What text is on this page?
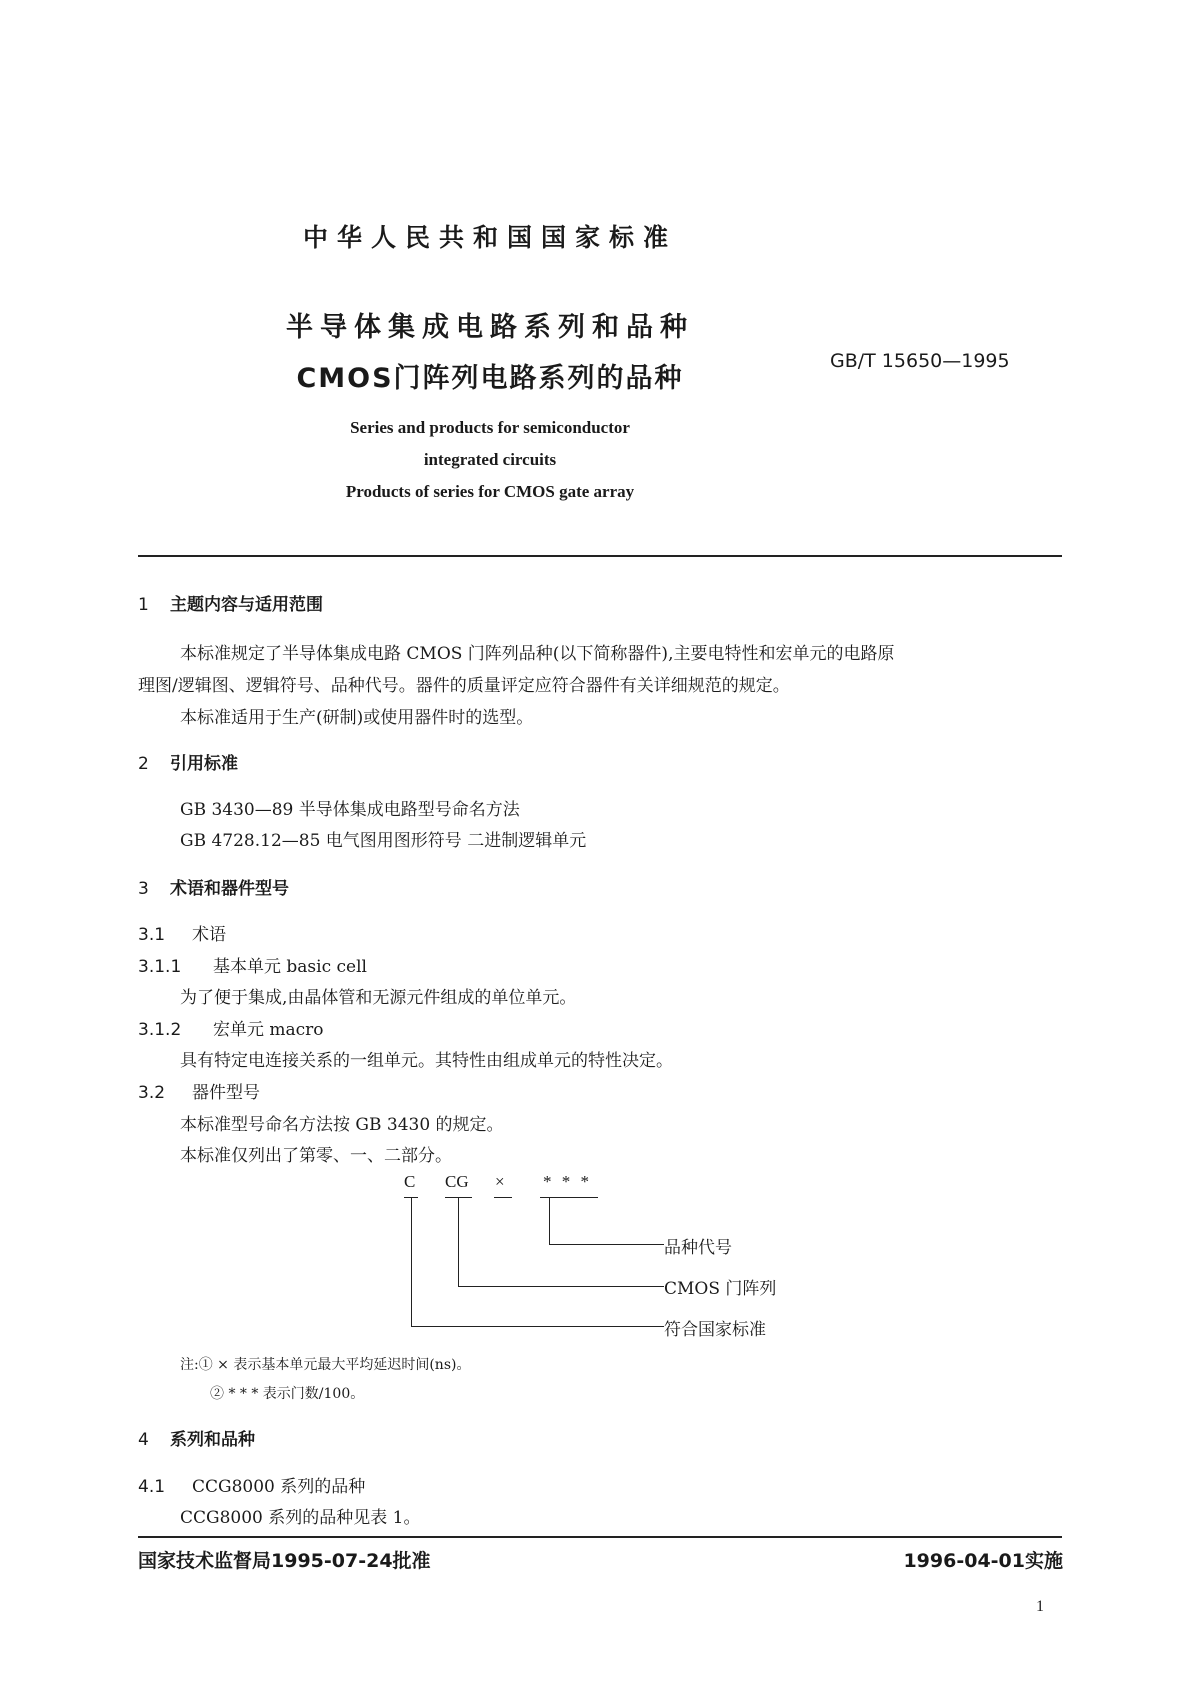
中华人民共和国国家标准
半导体集成电路系列和品种
CMOS门阵列电路系列的品种
GB/T 15650—1995
Series and products for semiconductor
integrated circuits
Products of series for CMOS gate array
1 主题内容与适用范围
本标准规定了半导体集成电路 CMOS 门阵列品种(以下简称器件),主要电特性和宏单元的电路原
理图/逻辑图、逻辑符号、品种代号。器件的质量评定应符合器件有关详细规范的规定。
本标准适用于生产(研制)或使用器件时的选型。
2 引用标准
GB 3430—89 半导体集成电路型号命名方法
GB 4728.12—85 电气图用图形符号 二进制逻辑单元
3 术语和器件型号
3.1 术语
3.1.1 基本单元 basic cell
为了便于集成,由晶体管和无源元件组成的单位单元。
3.1.2 宏单元 macro
具有特定电连接关系的一组单元。其特性由组成单元的特性决定。
3.2 器件型号
本标准型号命名方法按 GB 3430 的规定。
本标准仅列出了第零、一、二部分。
C CG × * * *
品种代号
CMOS 门阵列
符合国家标准
注:① × 表示基本单元最大平均延迟时间(ns)。
② * * * 表示门数/100。
4 系列和品种
4.1 CCG8000 系列的品种
CCG8000 系列的品种见表 1。
国家技术监督局1995-07-24批准	1996-04-01实施
1
